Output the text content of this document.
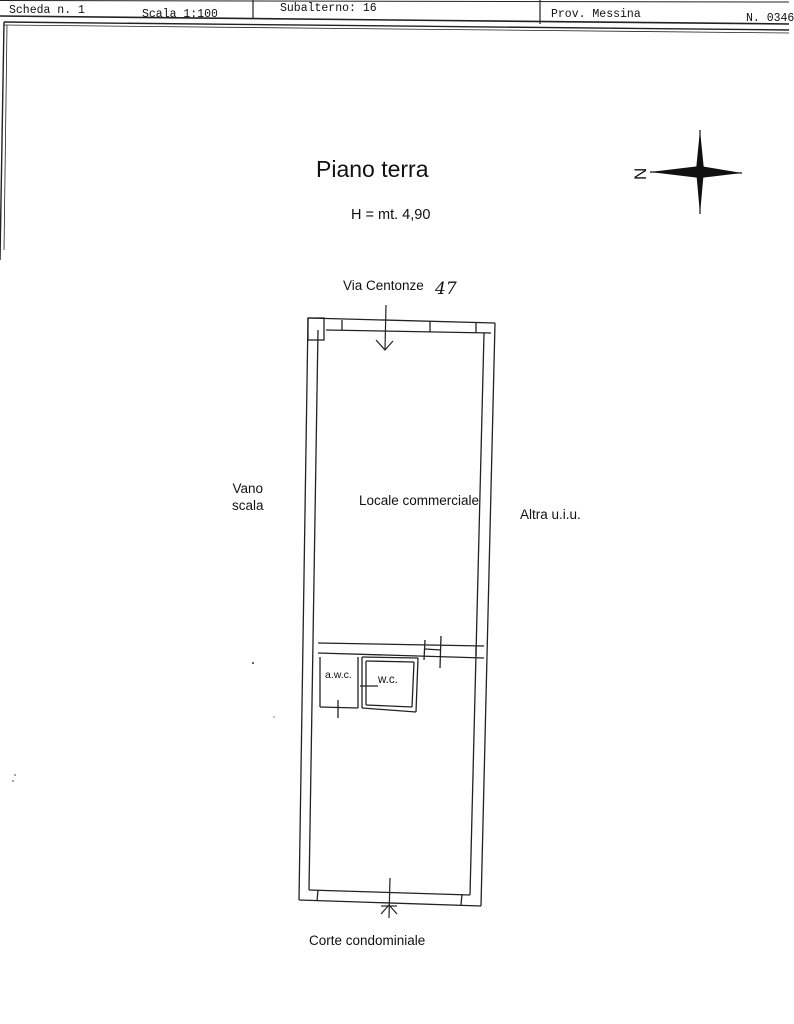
Scheda n. 1	Scala 1:100	Subalterno: 16	Prov. Messina	N. 0346
N
Piano terra
H = mt. 4,90
Via Centonze 47
Vano
scala	Locale commerciale
Altra u.i.u.
a.w.c. w.c.
Corte condominiale
